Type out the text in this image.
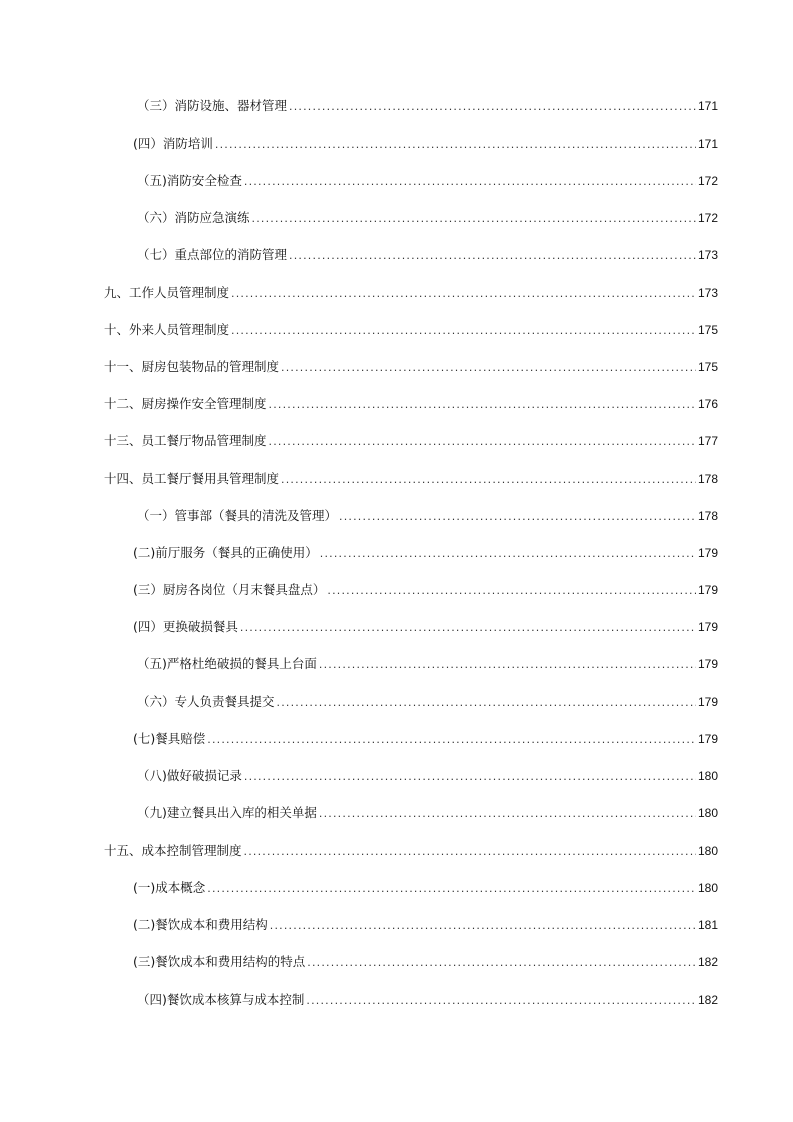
（三）消防设施、器材管理 .....	171
(四）消防培训 .....	171
（五)消防安全检查 .....	172
（六）消防应急演练 .....	172
（七）重点部位的消防管理 .....	173
九、工作人员管理制度 .....	173
十、外来人员管理制度 .....	175
十一、厨房包装物品的管理制度 .....	175
十二、厨房操作安全管理制度 .....	176
十三、员工餐厅物品管理制度 .....	177
十四、员工餐厅餐用具管理制度 .....	178
（一）管事部（餐具的清洗及管理） .....	178
(二)前厅服务（餐具的正确使用） .....	179
(三）厨房各岗位（月末餐具盘点） .....	179
(四）更换破损餐具 .....	179
（五)严格杜绝破损的餐具上台面 .....	179
（六）专人负责餐具提交 .....	179
(七)餐具赔偿 .....	179
（八)做好破损记录 .....	180
（九)建立餐具出入库的相关单据 .....	180
十五、成本控制管理制度 .....	180
(一)成本概念 .....	180
(二)餐饮成本和费用结构 .....	181
(三)餐饮成本和费用结构的特点 .....	182
（四)餐饮成本核算与成本控制 .....	182
